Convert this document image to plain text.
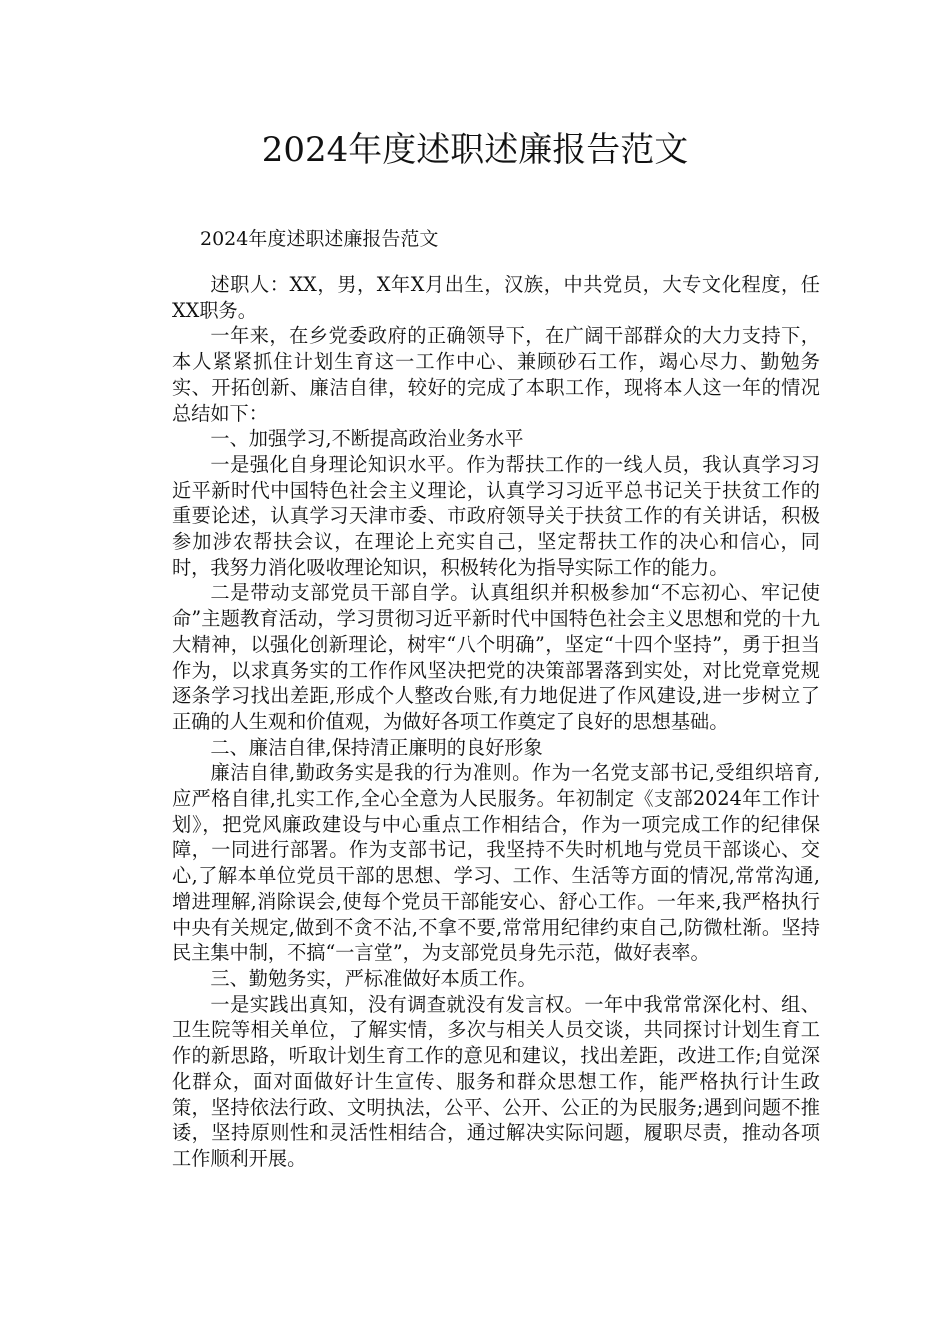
2024年度述职述廉报告范文

2024年度述职述廉报告范文

述职人：XX，男，X年X月出生，汉族，中共党员，大专文化程度，任XX职务。

一年来，在乡党委政府的正确领导下，在广阔干部群众的大力支持下，本人紧紧抓住计划生育这一工作中心、兼顾砂石工作，竭心尽力、勤勉务实、开拓创新、廉洁自律，较好的完成了本职工作，现将本人这一年的情况总结如下：

一、加强学习,不断提高政治业务水平

一是强化自身理论知识水平。作为帮扶工作的一线人员，我认真学习习近平新时代中国特色社会主义理论，认真学习习近平总书记关于扶贫工作的重要论述，认真学习天津市委、市政府领导关于扶贫工作的有关讲话，积极参加涉农帮扶会议，在理论上充实自己，坚定帮扶工作的决心和信心，同时，我努力消化吸收理论知识，积极转化为指导实际工作的能力。

二是带动支部党员干部自学。认真组织并积极参加“不忘初心、牢记使命”主题教育活动，学习贯彻习近平新时代中国特色社会主义思想和党的十九大精神，以强化创新理论，树牢“八个明确”，坚定“十四个坚持”，勇于担当作为，以求真务实的工作作风坚决把党的决策部署落到实处，对比党章党规逐条学习找出差距,形成个人整改台账,有力地促进了作风建设,进一步树立了正确的人生观和价值观，为做好各项工作奠定了良好的思想基础。

二、廉洁自律,保持清正廉明的良好形象

廉洁自律,勤政务实是我的行为准则。作为一名党支部书记,受组织培育,应严格自律,扎实工作,全心全意为人民服务。年初制定《支部2024年工作计划》，把党风廉政建设与中心重点工作相结合，作为一项完成工作的纪律保障，一同进行部署。作为支部书记，我坚持不失时机地与党员干部谈心、交心,了解本单位党员干部的思想、学习、工作、生活等方面的情况,常常沟通,增进理解,消除误会,使每个党员干部能安心、舒心工作。一年来,我严格执行中央有关规定,做到不贪不沾,不拿不要,常常用纪律约束自己,防微杜渐。坚持民主集中制，不搞“一言堂”，为支部党员身先示范，做好表率。

三、勤勉务实，严标准做好本质工作。

一是实践出真知，没有调查就没有发言权。一年中我常常深化村、组、卫生院等相关单位，了解实情，多次与相关人员交谈，共同探讨计划生育工作的新思路，听取计划生育工作的意见和建议，找出差距，改进工作;自觉深化群众，面对面做好计生宣传、服务和群众思想工作，能严格执行计生政策，坚持依法行政、文明执法，公平、公开、公正的为民服务;遇到问题不推诿，坚持原则性和灵活性相结合，通过解决实际问题，履职尽责，推动各项工作顺利开展。
